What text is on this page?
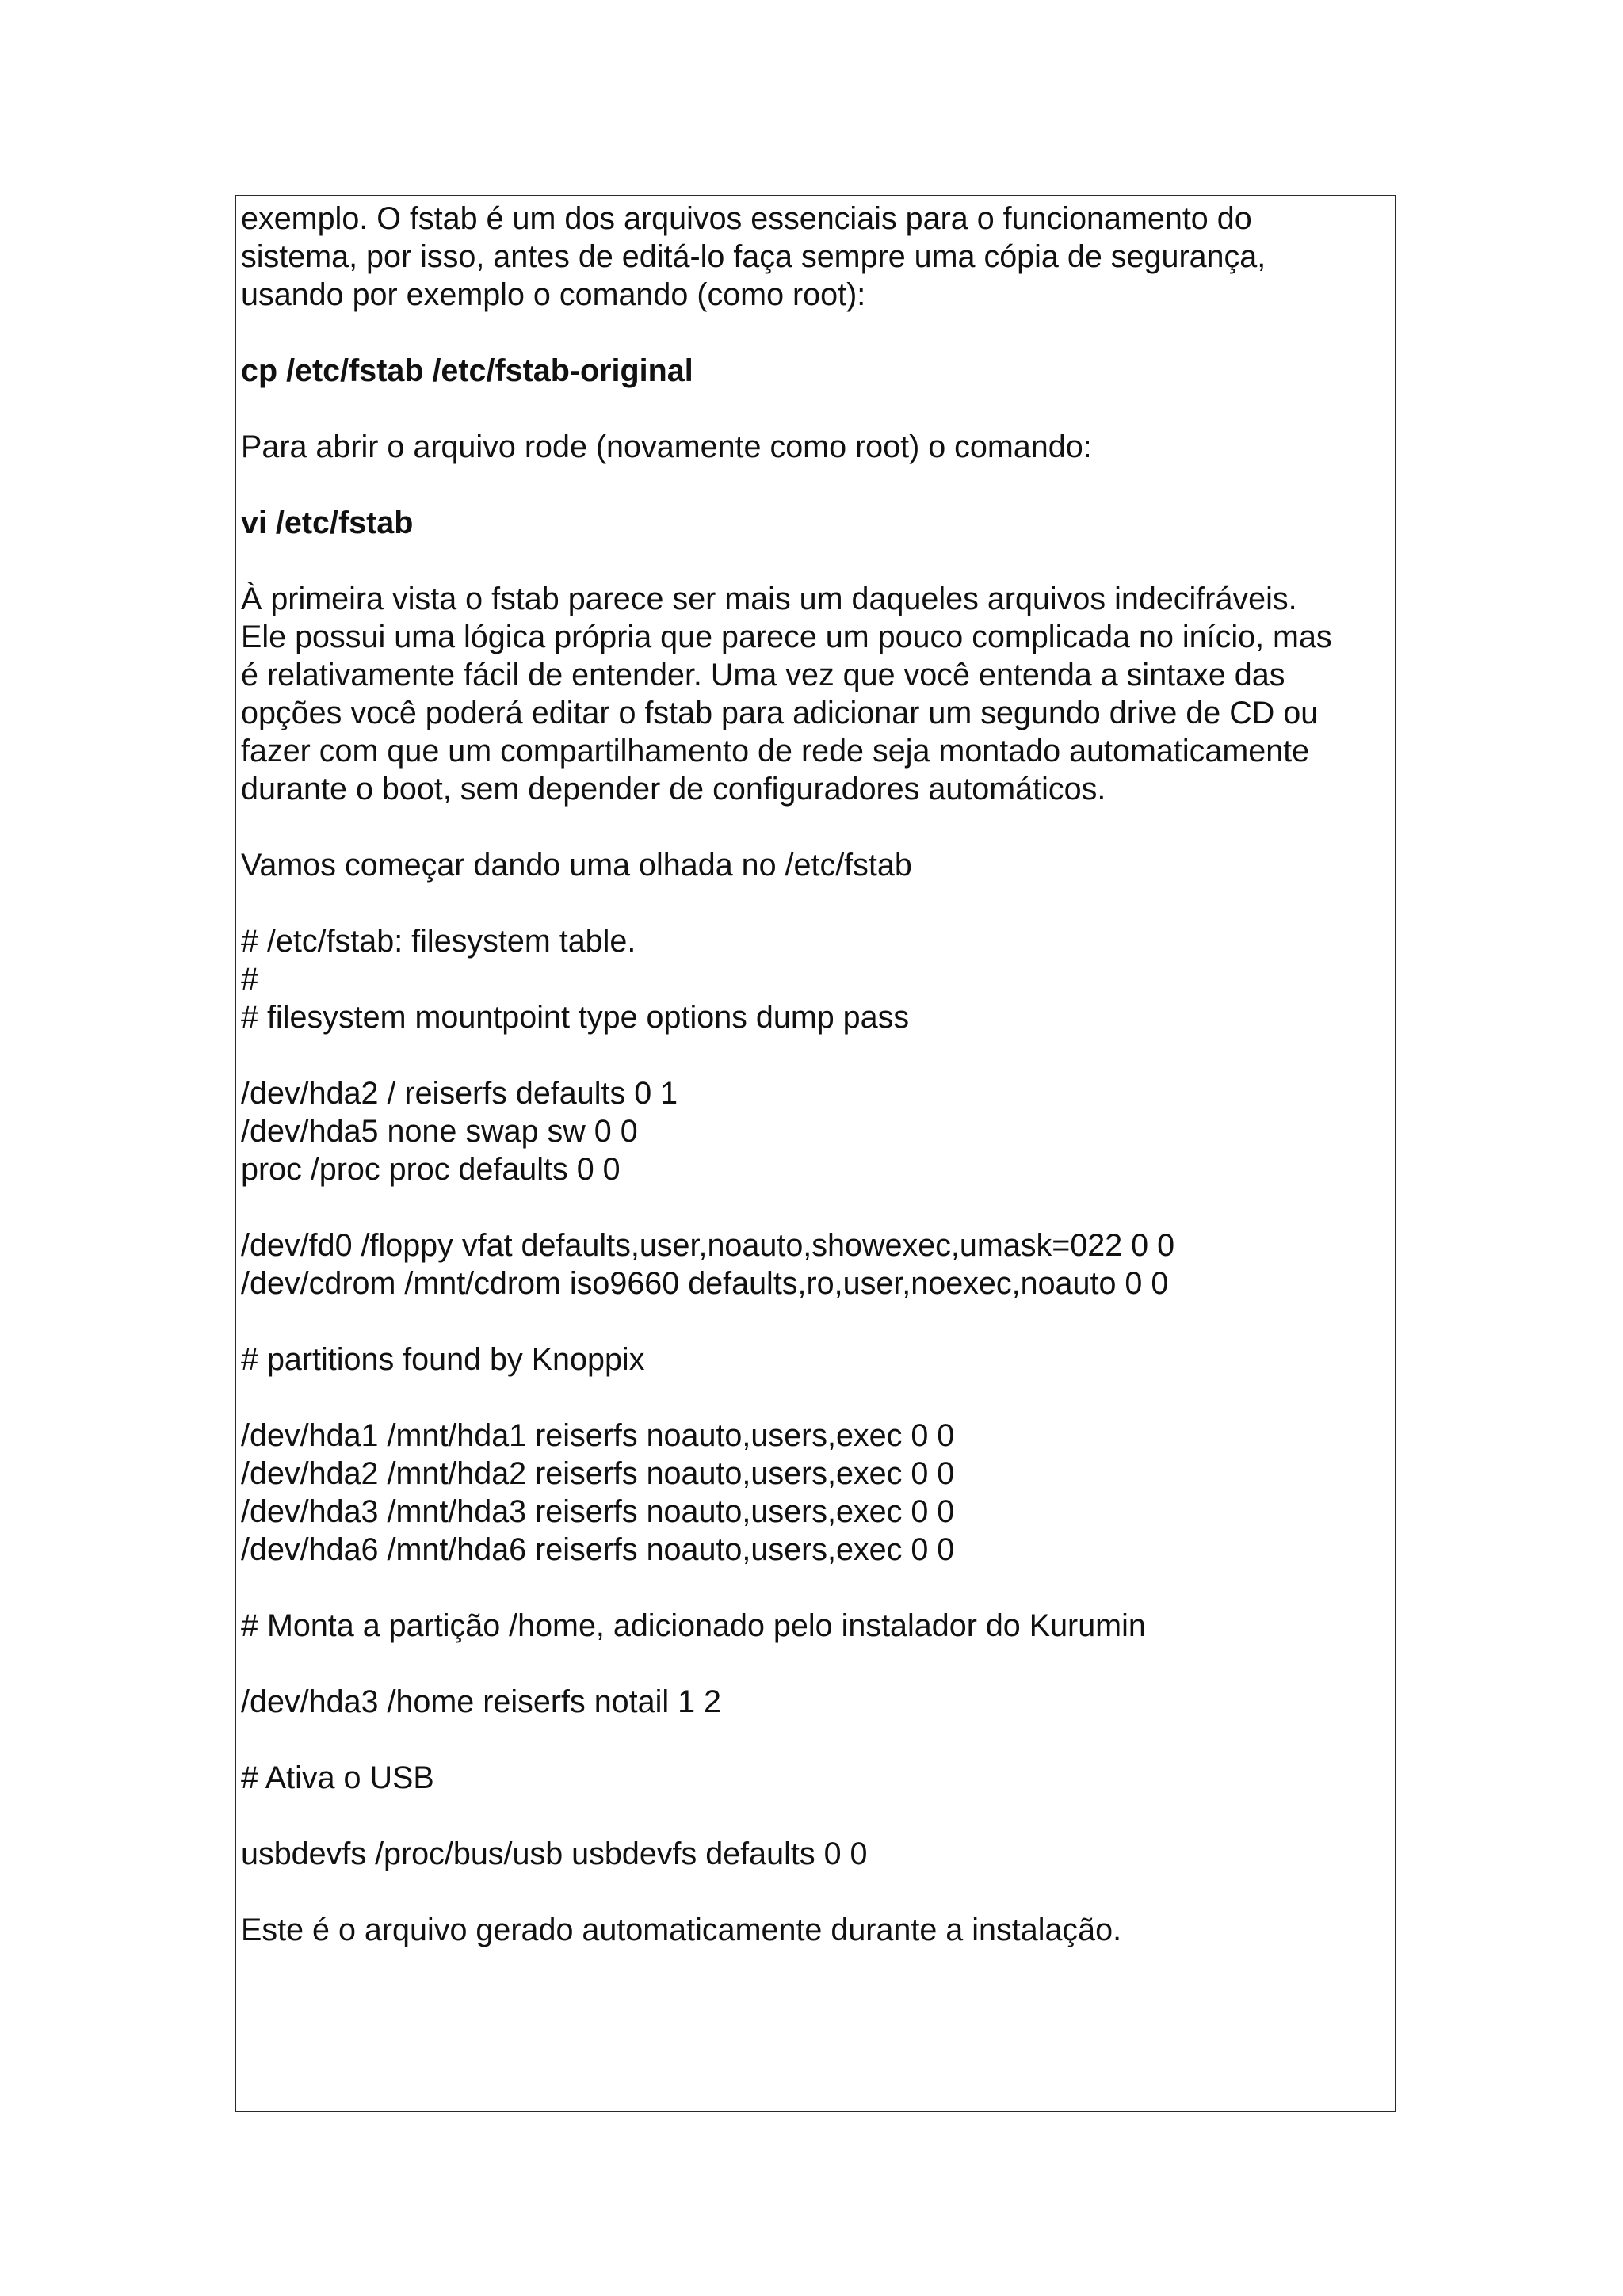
exemplo. O fstab é um dos arquivos essenciais para o funcionamento do

sistema, por isso, antes de editá-lo faça sempre uma cópia de segurança,

usando por exemplo o comando (como root):

cp /etc/fstab /etc/fstab-original

Para abrir o arquivo rode (novamente como root) o comando:

vi /etc/fstab

À primeira vista o fstab parece ser mais um daqueles arquivos indecifráveis.

Ele possui uma lógica própria que parece um pouco complicada no início, mas

é relativamente fácil de entender. Uma vez que você entenda a sintaxe das

opções você poderá editar o fstab para adicionar um segundo drive de CD ou

fazer com que um compartilhamento de rede seja montado automaticamente

durante o boot, sem depender de configuradores automáticos.

Vamos começar dando uma olhada no /etc/fstab

# /etc/fstab: filesystem table.

#

# filesystem mountpoint type options dump pass

/dev/hda2 / reiserfs defaults 0 1

/dev/hda5 none swap sw 0 0

proc /proc proc defaults 0 0

/dev/fd0 /floppy vfat defaults,user,noauto,showexec,umask=022 0 0

/dev/cdrom /mnt/cdrom iso9660 defaults,ro,user,noexec,noauto 0 0

# partitions found by Knoppix

/dev/hda1 /mnt/hda1 reiserfs noauto,users,exec 0 0

/dev/hda2 /mnt/hda2 reiserfs noauto,users,exec 0 0

/dev/hda3 /mnt/hda3 reiserfs noauto,users,exec 0 0

/dev/hda6 /mnt/hda6 reiserfs noauto,users,exec 0 0

# Monta a partição /home, adicionado pelo instalador do Kurumin

/dev/hda3 /home reiserfs notail 1 2

# Ativa o USB

usbdevfs /proc/bus/usb usbdevfs defaults 0 0

Este é o arquivo gerado automaticamente durante a instalação.
